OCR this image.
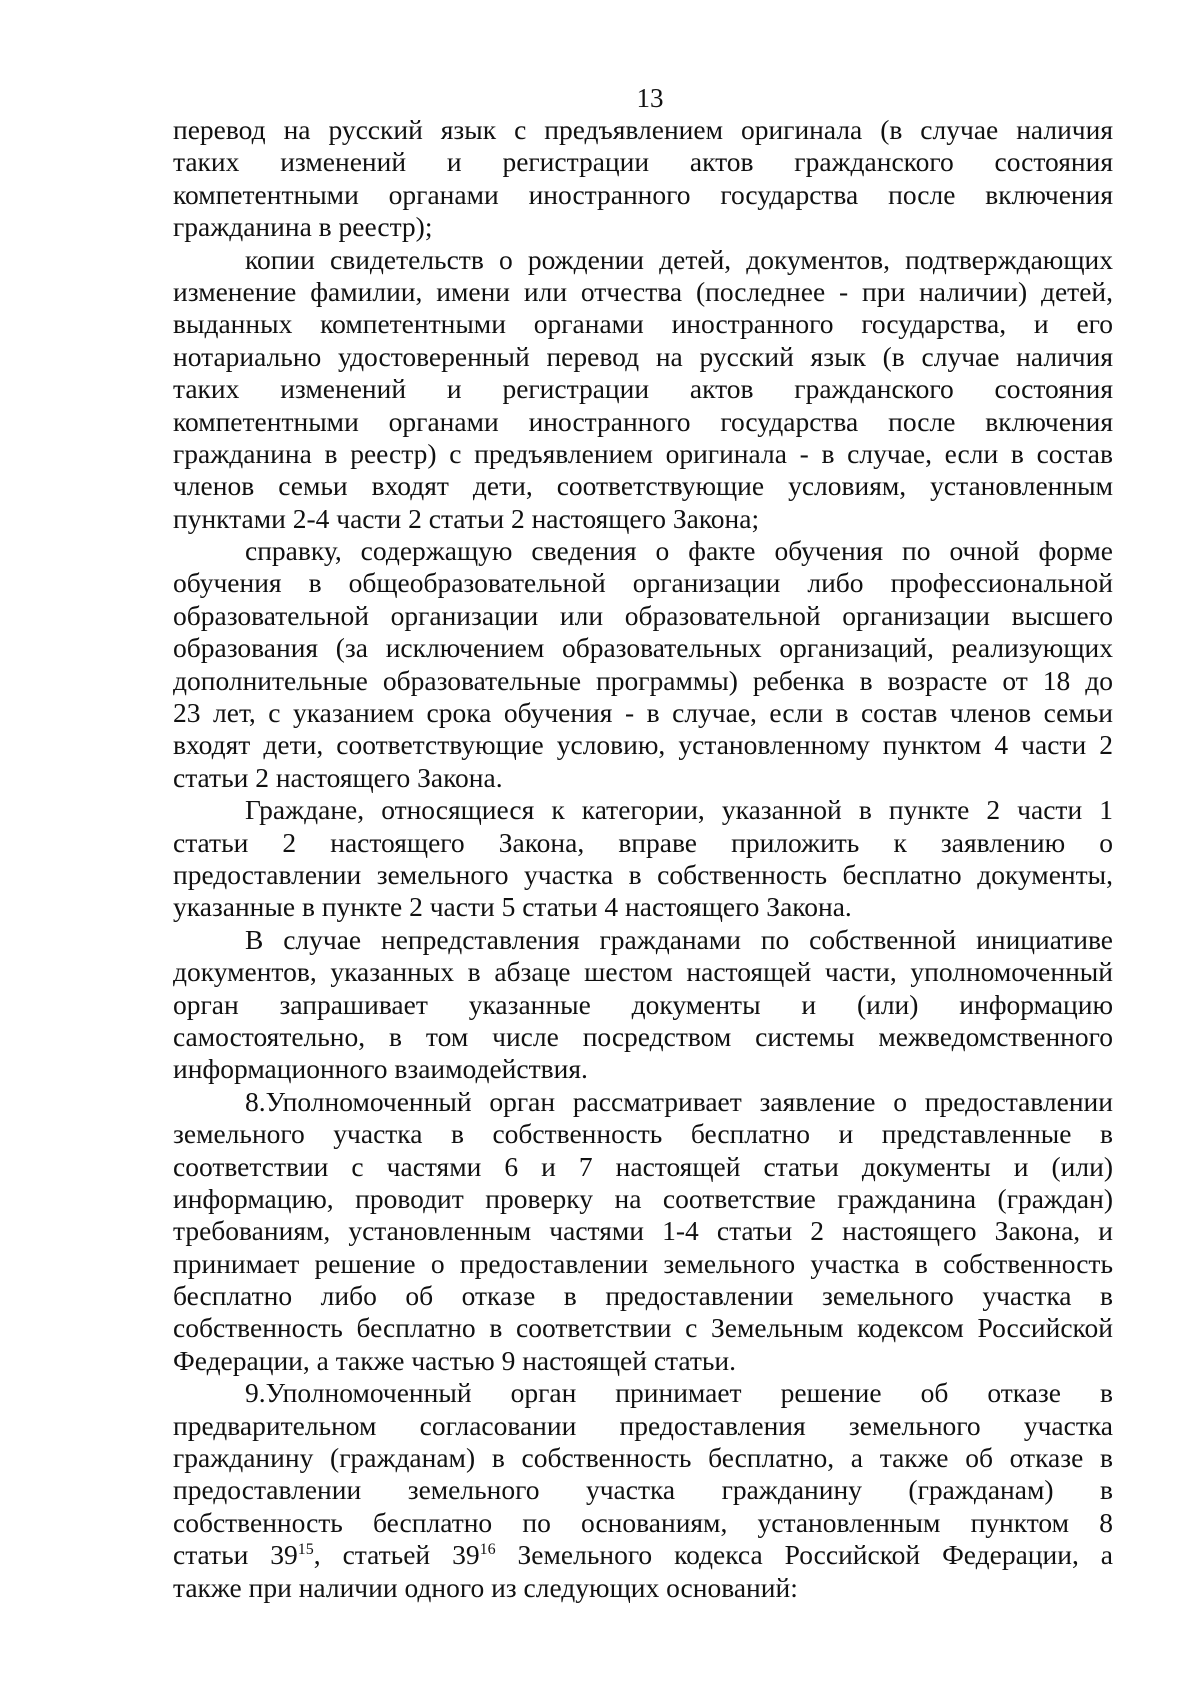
13
перевод на русский язык с предъявлением оригинала (в случае наличия
таких изменений и регистрации актов гражданского состояния
компетентными органами иностранного государства после включения
гражданина в реестр);
копии свидетельств о рождении детей, документов, подтверждающих
изменение фамилии, имени или отчества (последнее - при наличии) детей,
выданных компетентными органами иностранного государства, и его
нотариально удостоверенный перевод на русский язык (в случае наличия
таких изменений и регистрации актов гражданского состояния
компетентными органами иностранного государства после включения
гражданина в реестр) с предъявлением оригинала - в случае, если в состав
членов семьи входят дети, соответствующие условиям, установленным
пунктами 2-4 части 2 статьи 2 настоящего Закона;
справку, содержащую сведения о факте обучения по очной форме
обучения в общеобразовательной организации либо профессиональной
образовательной организации или образовательной организации высшего
образования (за исключением образовательных организаций, реализующих
дополнительные образовательные программы) ребенка в возрасте от 18 до
23 лет, с указанием срока обучения - в случае, если в состав членов семьи
входят дети, соответствующие условию, установленному пунктом 4 части 2
статьи 2 настоящего Закона.
Граждане, относящиеся к категории, указанной в пункте 2 части 1
статьи 2 настоящего Закона, вправе приложить к заявлению о
предоставлении земельного участка в собственность бесплатно документы,
указанные в пункте 2 части 5 статьи 4 настоящего Закона.
В случае непредставления гражданами по собственной инициативе
документов, указанных в абзаце шестом настоящей части, уполномоченный
орган запрашивает указанные документы и (или) информацию
самостоятельно, в том числе посредством системы межведомственного
информационного взаимодействия.
8.Уполномоченный орган рассматривает заявление о предоставлении
земельного участка в собственность бесплатно и представленные в
соответствии с частями 6 и 7 настоящей статьи документы и (или)
информацию, проводит проверку на соответствие гражданина (граждан)
требованиям, установленным частями 1-4 статьи 2 настоящего Закона, и
принимает решение о предоставлении земельного участка в собственность
бесплатно либо об отказе в предоставлении земельного участка в
собственность бесплатно в соответствии с Земельным кодексом Российской
Федерации, а также частью 9 настоящей статьи.
9.Уполномоченный орган принимает решение об отказе в
предварительном согласовании предоставления земельного участка
гражданину (гражданам) в собственность бесплатно, а также об отказе в
предоставлении земельного участка гражданину (гражданам) в
собственность бесплатно по основаниям, установленным пунктом 8
статьи $39^{15}$, статьей $39^{16}$ Земельного кодекса Российской Федерации, а
также при наличии одного из следующих оснований:
